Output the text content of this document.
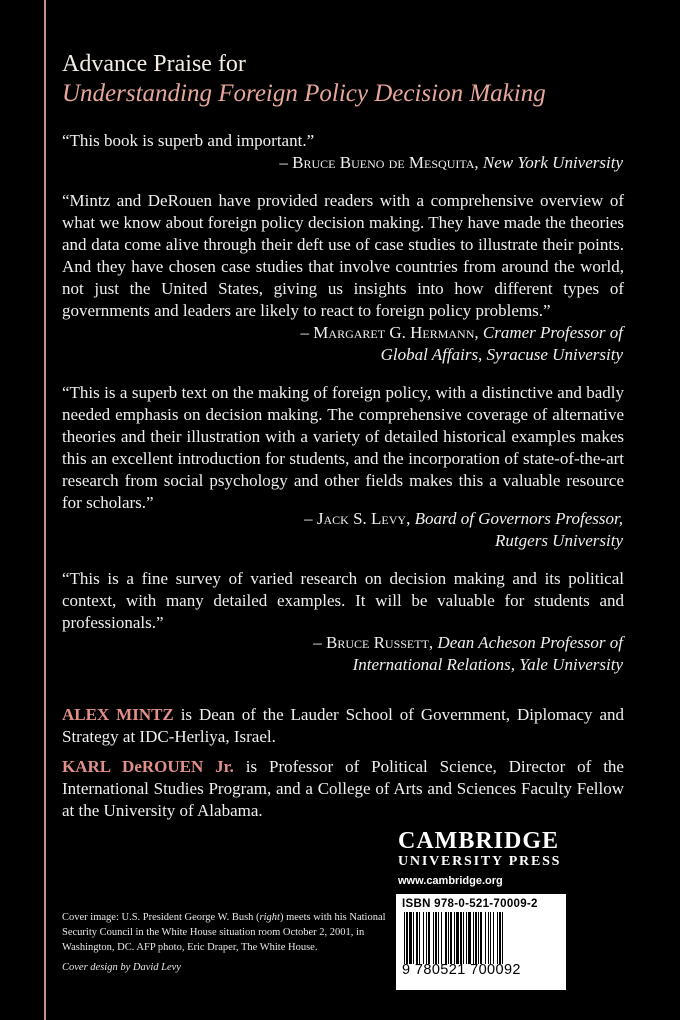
Advance Praise for
Understanding Foreign Policy Decision Making
“This book is superb and important.”
– Bruce Bueno de Mesquita, New York University
“Mintz and DeRouen have provided readers with a comprehensive overview of what we know about foreign policy decision making. They have made the theories and data come alive through their deft use of case studies to illustrate their points. And they have chosen case studies that involve countries from around the world, not just the United States, giving us insights into how different types of governments and leaders are likely to react to foreign policy problems.”
– Margaret G. Hermann, Cramer Professor of
Global Affairs, Syracuse University
“This is a superb text on the making of foreign policy, with a distinctive and badly needed emphasis on decision making. The comprehensive coverage of alternative theories and their illustration with a variety of detailed historical examples makes this an excellent introduction for students, and the incorporation of state-of-the-art research from social psychology and other fields makes this a valuable resource for scholars.”
– Jack S. Levy, Board of Governors Professor,
Rutgers University
“This is a fine survey of varied research on decision making and its political context, with many detailed examples. It will be valuable for students and professionals.”
– Bruce Russett, Dean Acheson Professor of
International Relations, Yale University
ALEX MINTZ is Dean of the Lauder School of Government, Diplomacy and Strategy at IDC-Herliya, Israel.
KARL DeROUEN Jr. is Professor of Political Science, Director of the International Studies Program, and a College of Arts and Sciences Faculty Fellow at the University of Alabama.
Cover image: U.S. President George W. Bush (right) meets with his National Security Council in the White House situation room October 2, 2001, in Washington, DC. AFP photo, Eric Draper, The White House.
Cover design by David Levy
CAMBRIDGE
UNIVERSITY PRESS
www.cambridge.org
ISBN 978-0-521-70009-2
9 780521 700092
